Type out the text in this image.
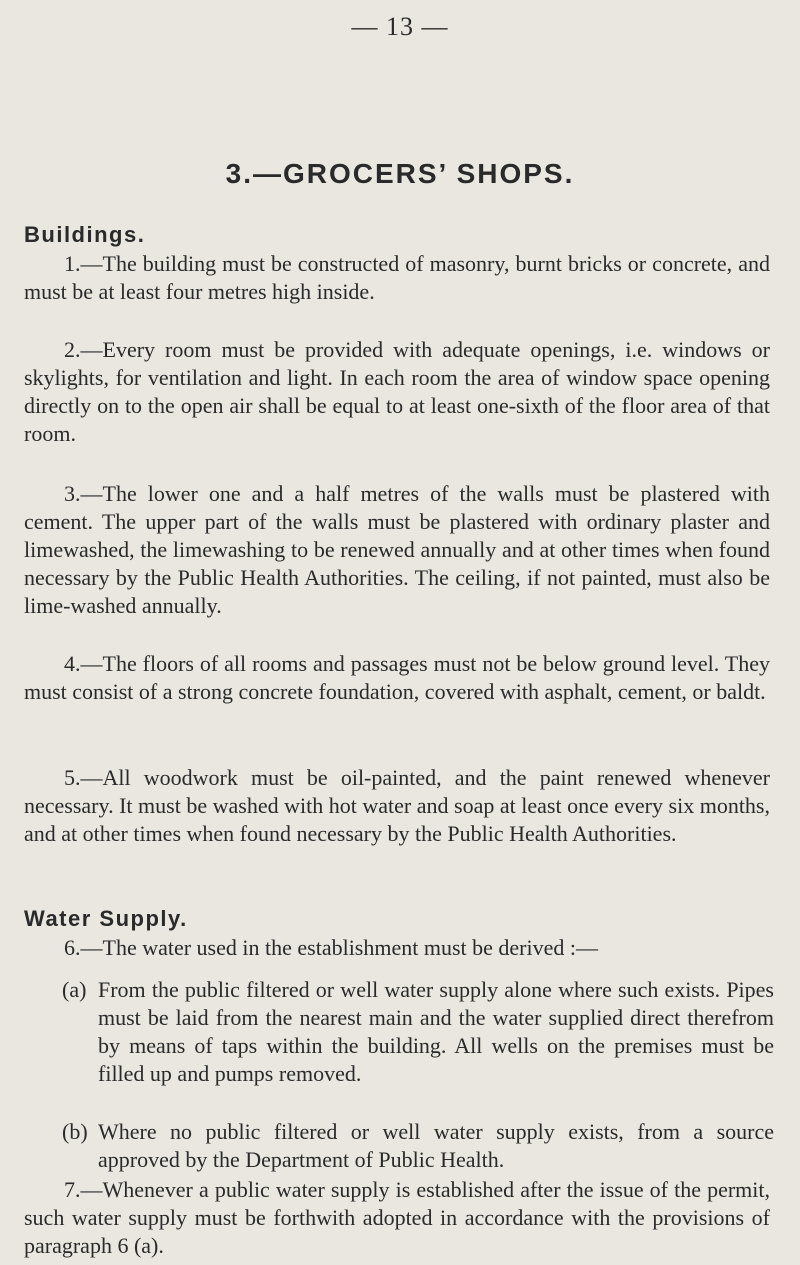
— 13 —
3.—GROCERS’ SHOPS.
Buildings.

1.—The building must be constructed of masonry, burnt bricks or concrete, and must be at least four metres high inside.

2.—Every room must be provided with adequate openings, i.e. windows or skylights, for ventilation and light. In each room the area of window space opening directly on to the open air shall be equal to at least one-sixth of the floor area of that room.

3.—The lower one and a half metres of the walls must be plastered with cement. The upper part of the walls must be plastered with ordinary plaster and limewashed, the limewashing to be renewed annually and at other times when found necessary by the Public Health Authorities. The ceiling, if not painted, must also be lime-washed annually.

4.—The floors of all rooms and passages must not be below ground level. They must consist of a strong concrete foundation, covered with asphalt, cement, or baldt.

5.—All woodwork must be oil-painted, and the paint renewed whenever necessary. It must be washed with hot water and soap at least once every six months, and at other times when found necessary by the Public Health Authorities.

Water Supply.

6.—The water used in the establishment must be derived :—

(a) From the public filtered or well water supply alone where such exists. Pipes must be laid from the nearest main and the water supplied direct therefrom by means of taps within the building. All wells on the premises must be filled up and pumps removed.
(b) Where no public filtered or well water supply exists, from a source approved by the Department of Public Health.

7.—Whenever a public water supply is established after the issue of the permit, such water supply must be forthwith adopted in accordance with the provisions of paragraph 6 (a).
